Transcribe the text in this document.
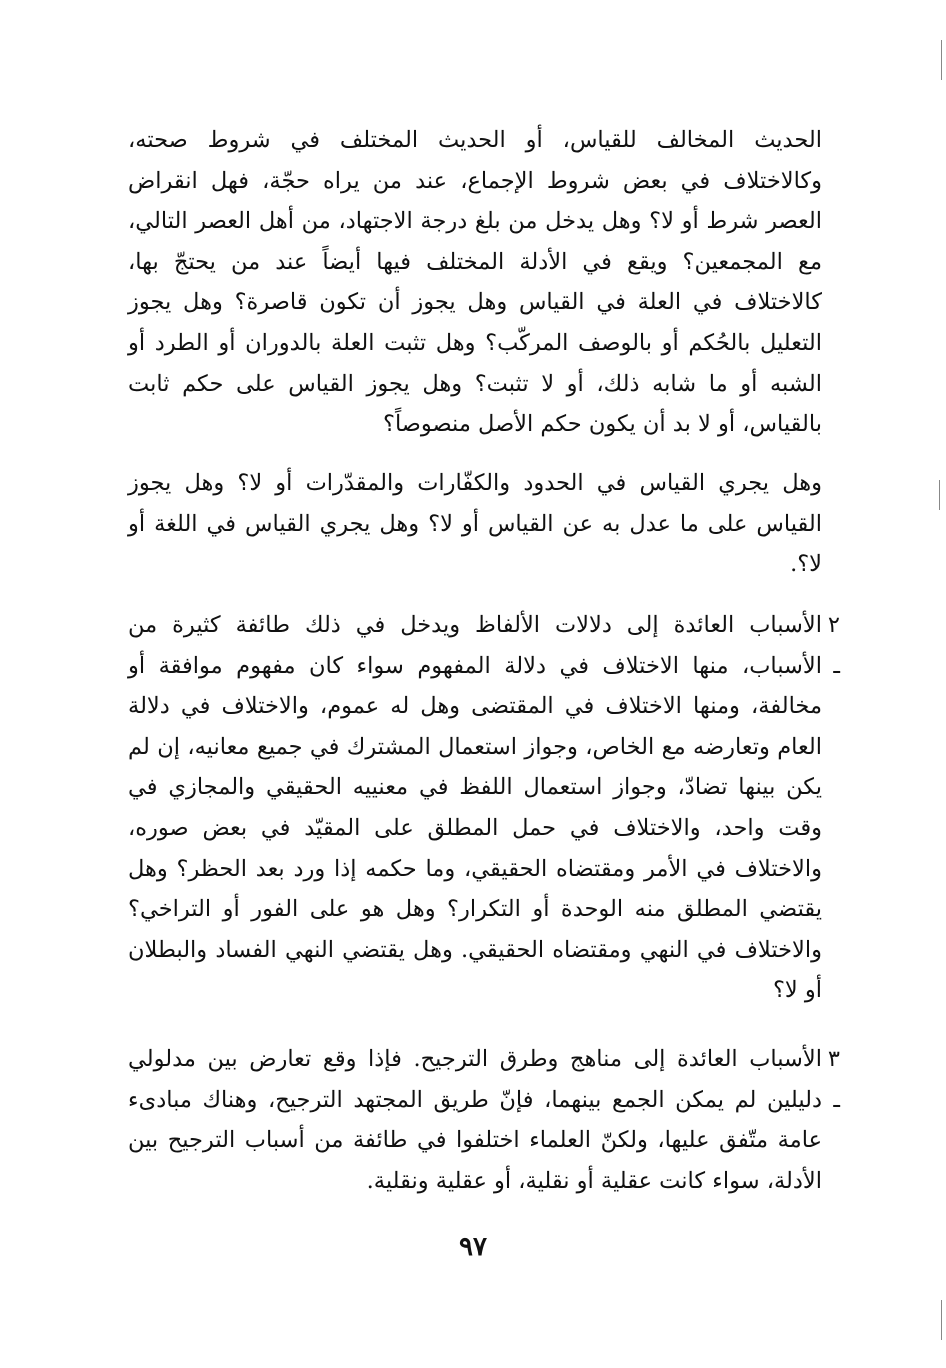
الحديث المخالف للقياس، أو الحديث المختلف في شروط صحته، وكالاختلاف في بعض شروط الإجماع، عند من يراه حجّة، فهل انقراض العصر شرط أو لا؟ وهل يدخل من بلغ درجة الاجتهاد، من أهل العصر التالي، مع المجمعين؟ ويقع في الأدلة المختلف فيها أيضاً عند من يحتجّ بها، كالاختلاف في العلة في القياس وهل يجوز أن تكون قاصرة؟ وهل يجوز التعليل بالحُكم أو بالوصف المركّب؟ وهل تثبت العلة بالدوران أو الطرد أو الشبه أو ما شابه ذلك، أو لا تثبت؟ وهل يجوز القياس على حكم ثابت بالقياس، أو لا بد أن يكون حكم الأصل منصوصاً؟

وهل يجري القياس في الحدود والكفّارات والمقدّرات أو لا؟ وهل يجوز القياس على ما عدل به عن القياس أو لا؟ وهل يجري القياس في اللغة أو لا؟.

٢ ـ
الأسباب العائدة إلى دلالات الألفاظ ويدخل في ذلك طائفة كثيرة من الأسباب، منها الاختلاف في دلالة المفهوم سواء كان مفهوم موافقة أو مخالفة، ومنها الاختلاف في المقتضى وهل له عموم، والاختلاف في دلالة العام وتعارضه مع الخاص، وجواز استعمال المشترك في جميع معانيه، إن لم يكن بينها تضادّ، وجواز استعمال اللفظ في معنييه الحقيقي والمجازي في وقت واحد، والاختلاف في حمل المطلق على المقيّد في بعض صوره، والاختلاف في الأمر ومقتضاه الحقيقي، وما حكمه إذا ورد بعد الحظر؟ وهل يقتضي المطلق منه الوحدة أو التكرار؟ وهل هو على الفور أو التراخي؟ والاختلاف في النهي ومقتضاه الحقيقي. وهل يقتضي النهي الفساد والبطلان أو لا؟
٣ ـ
الأسباب العائدة إلى مناهج وطرق الترجيح. فإذا وقع تعارض بين مدلولي دليلين لم يمكن الجمع بينهما، فإنّ طريق المجتهد الترجيح، وهناك مبادىء عامة متّفق عليها، ولكنّ العلماء اختلفوا في طائفة من أسباب الترجيح بين الأدلة، سواء كانت عقلية أو نقلية، أو عقلية ونقلية.
٩٧
